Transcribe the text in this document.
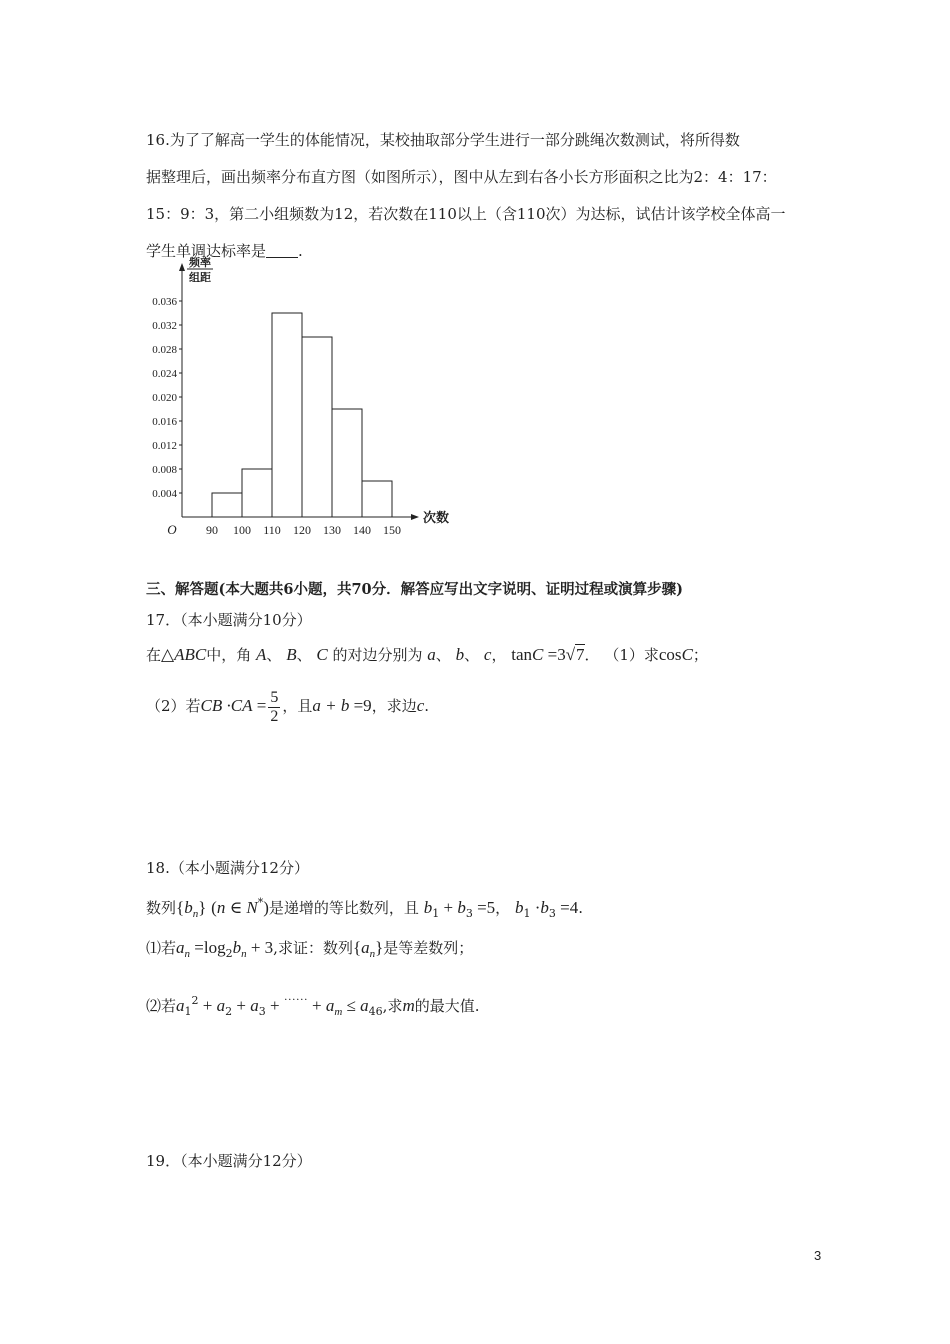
16.为了了解高一学生的体能情况，某校抽取部分学生进行一部分跳绳次数测试，将所得数
据整理后，画出频率分布直方图（如图所示），图中从左到右各小长方形面积之比为2：4：17：
15：9：3，第二小组频数为12，若次数在110以上（含110次）为达标，试估计该学校全体高一
学生单调达标率是 .
0.004
0.008
0.012
0.016
0.020
0.024
0.028
0.032
0.036
90 100 110 120 130 140 150
O
次数
频率
组距
三、解答题(本大题共6小题，共70分．解答应写出文字说明、证明过程或演算步骤)
17．（本小题满分10分）
在△ABC中，角 A、 B、 C 的对边分别为 a、 b、 c， tanC =3√7． （1）求cosC；
（2）若CB $\cdot CA = \frac{5}{2}$ ，且a + b =9，求边c.
18.（本小题满分12分）
数列$\{b_n\}$ (n ∈ N*)是递增的等比数列，且 $b_1 + b_3 =5$， $b_1 \cdot b_3 =4$.
⑴若$a_n =\log_2b_n + 3$,求证：数列$\{a_n\}$是等差数列；
⑵若$a_1^2 + a_2 + a_3 + ^{\cdot\cdot\cdot\cdot\cdot\cdot} + a_m \le a_{46}$,求m的最大值.
19．（本小题满分12分）
3
